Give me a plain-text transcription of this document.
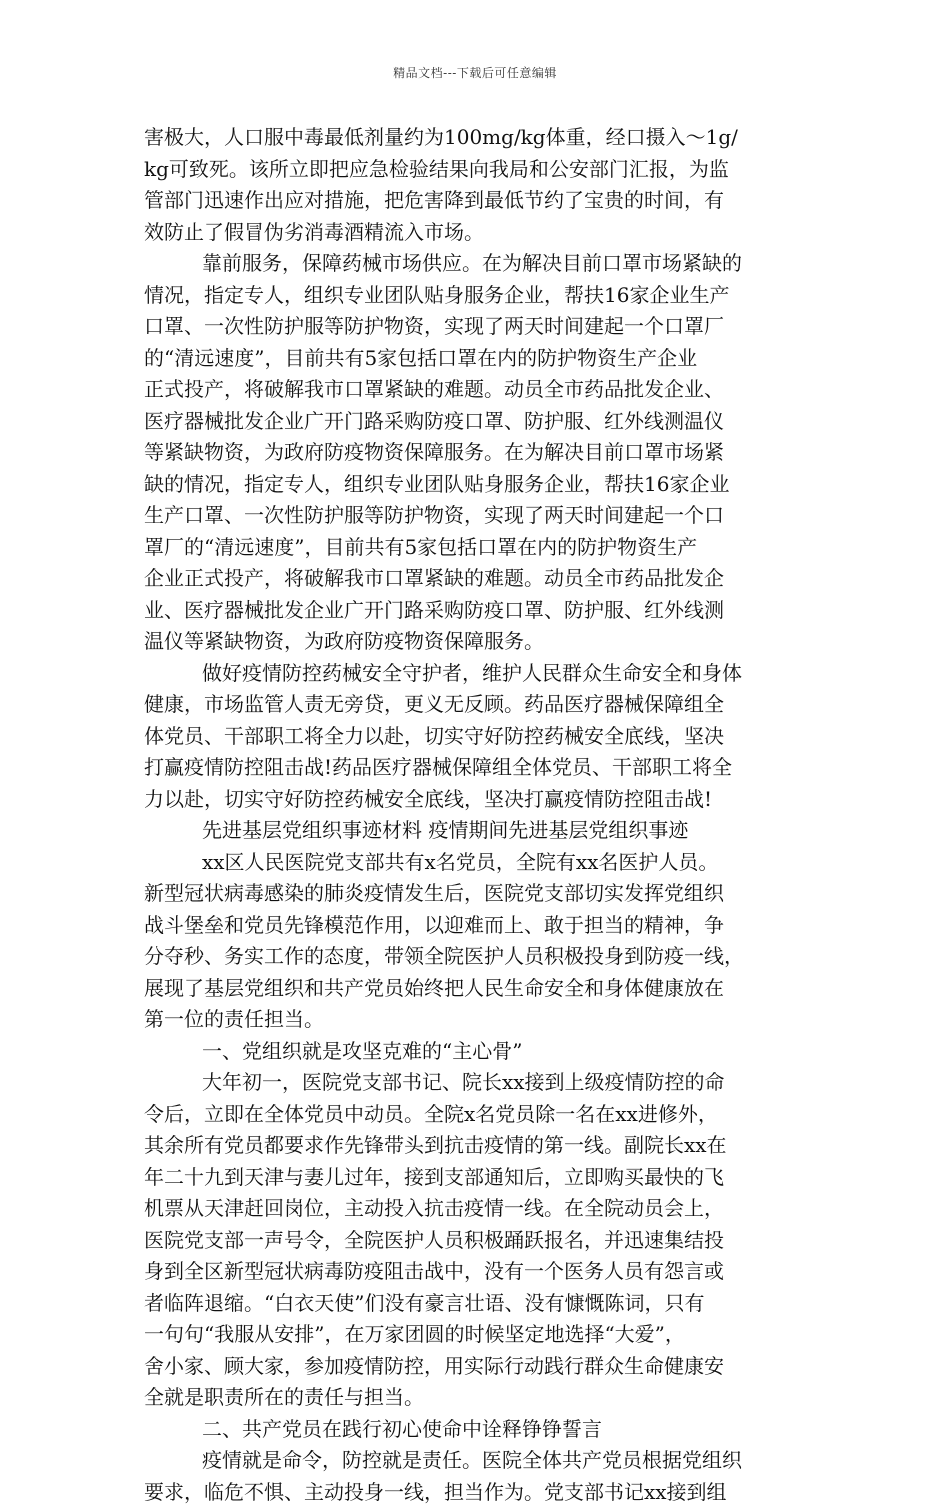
精品文档---下载后可任意编辑
害极大，人口服中毒最低剂量约为100mg/kg体重，经口摄入～1g/
kg可致死。该所立即把应急检验结果向我局和公安部门汇报，为监
管部门迅速作出应对措施，把危害降到最低节约了宝贵的时间，有
效防止了假冒伪劣消毒酒精流入市场。
靠前服务，保障药械市场供应。在为解决目前口罩市场紧缺的
情况，指定专人，组织专业团队贴身服务企业，帮扶16家企业生产
口罩、一次性防护服等防护物资，实现了两天时间建起一个口罩厂
的“清远速度”，目前共有5家包括口罩在内的防护物资生产企业
正式投产，将破解我市口罩紧缺的难题。动员全市药品批发企业、
医疗器械批发企业广开门路采购防疫口罩、防护服、红外线测温仪
等紧缺物资，为政府防疫物资保障服务。在为解决目前口罩市场紧
缺的情况，指定专人，组织专业团队贴身服务企业，帮扶16家企业
生产口罩、一次性防护服等防护物资，实现了两天时间建起一个口
罩厂的“清远速度”，目前共有5家包括口罩在内的防护物资生产
企业正式投产，将破解我市口罩紧缺的难题。动员全市药品批发企
业、医疗器械批发企业广开门路采购防疫口罩、防护服、红外线测
温仪等紧缺物资，为政府防疫物资保障服务。
做好疫情防控药械安全守护者，维护人民群众生命安全和身体
健康，市场监管人责无旁贷，更义无反顾。药品医疗器械保障组全
体党员、干部职工将全力以赴，切实守好防控药械安全底线，坚决
打赢疫情防控阻击战!药品医疗器械保障组全体党员、干部职工将全
力以赴，切实守好防控药械安全底线，坚决打赢疫情防控阻击战!
先进基层党组织事迹材料 疫情期间先进基层党组织事迹
xx区人民医院党支部共有x名党员，全院有xx名医护人员。
新型冠状病毒感染的肺炎疫情发生后，医院党支部切实发挥党组织
战斗堡垒和党员先锋模范作用，以迎难而上、敢于担当的精神，争
分夺秒、务实工作的态度，带领全院医护人员积极投身到防疫一线，
展现了基层党组织和共产党员始终把人民生命安全和身体健康放在
第一位的责任担当。
一、党组织就是攻坚克难的“主心骨”
大年初一，医院党支部书记、院长xx接到上级疫情防控的命
令后，立即在全体党员中动员。全院x名党员除一名在xx进修外，
其余所有党员都要求作先锋带头到抗击疫情的第一线。副院长xx在
年二十九到天津与妻儿过年，接到支部通知后，立即购买最快的飞
机票从天津赶回岗位，主动投入抗击疫情一线。在全院动员会上，
医院党支部一声号令，全院医护人员积极踊跃报名，并迅速集结投
身到全区新型冠状病毒防疫阻击战中，没有一个医务人员有怨言或
者临阵退缩。“白衣天使”们没有豪言壮语、没有慷慨陈词，只有
一句句“我服从安排”，在万家团圆的时候坚定地选择“大爱”，
舍小家、顾大家，参加疫情防控，用实际行动践行群众生命健康安
全就是职责所在的责任与担当。
二、共产党员在践行初心使命中诠释铮铮誓言
疫情就是命令，防控就是责任。医院全体共产党员根据党组织
要求，临危不惧、主动投身一线，担当作为。党支部书记xx接到组
